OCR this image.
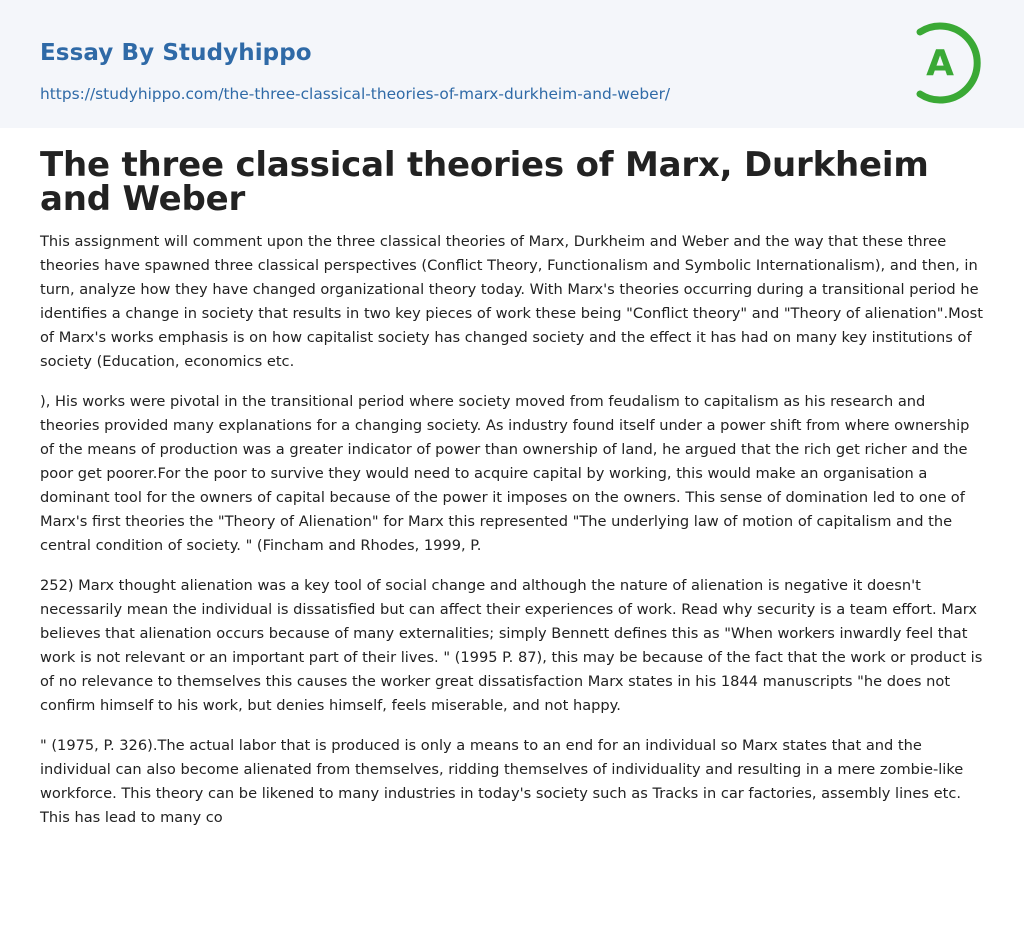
Essay By Studyhippo
https://studyhippo.com/the-three-classical-theories-of-marx-durkheim-and-weber/
A
The three classical theories of Marx, Durkheim and Weber

This assignment will comment upon the three classical theories of Marx, Durkheim and Weber and the way that these three theories have spawned three classical perspectives (Conflict Theory, Functionalism and Symbolic Internationalism), and then, in turn, analyze how they have changed organizational theory today. With Marx's theories occurring during a transitional period he identifies a change in society that results in two key pieces of work these being "Conflict theory" and "Theory of alienation".Most of Marx's works emphasis is on how capitalist society has changed society and the effect it has had on many key institutions of society (Education, economics etc.

), His works were pivotal in the transitional period where society moved from feudalism to capitalism as his research and theories provided many explanations for a changing society. As industry found itself under a power shift from where ownership of the means of production was a greater indicator of power than ownership of land, he argued that the rich get richer and the poor get poorer.For the poor to survive they would need to acquire capital by working, this would make an organisation a dominant tool for the owners of capital because of the power it imposes on the owners. This sense of domination led to one of Marx's first theories the "Theory of Alienation" for Marx this represented "The underlying law of motion of capitalism and the central condition of society. " (Fincham and Rhodes, 1999, P.

252) Marx thought alienation was a key tool of social change and although the nature of alienation is negative it doesn't necessarily mean the individual is dissatisfied but can affect their experiences of work. Read why security is a team effort. Marx believes that alienation occurs because of many externalities; simply Bennett defines this as "When workers inwardly feel that work is not relevant or an important part of their lives. " (1995 P. 87), this may be because of the fact that the work or product is of no relevance to themselves this causes the worker great dissatisfaction Marx states in his 1844 manuscripts "he does not confirm himself to his work, but denies himself, feels miserable, and not happy.

" (1975, P. 326).The actual labor that is produced is only a means to an end for an individual so Marx states that and the individual can also become alienated from themselves, ridding themselves of individuality and resulting in a mere zombie-like workforce. This theory can be likened to many industries in today's society such as Tracks in car factories, assembly lines etc. This has lead to many co
